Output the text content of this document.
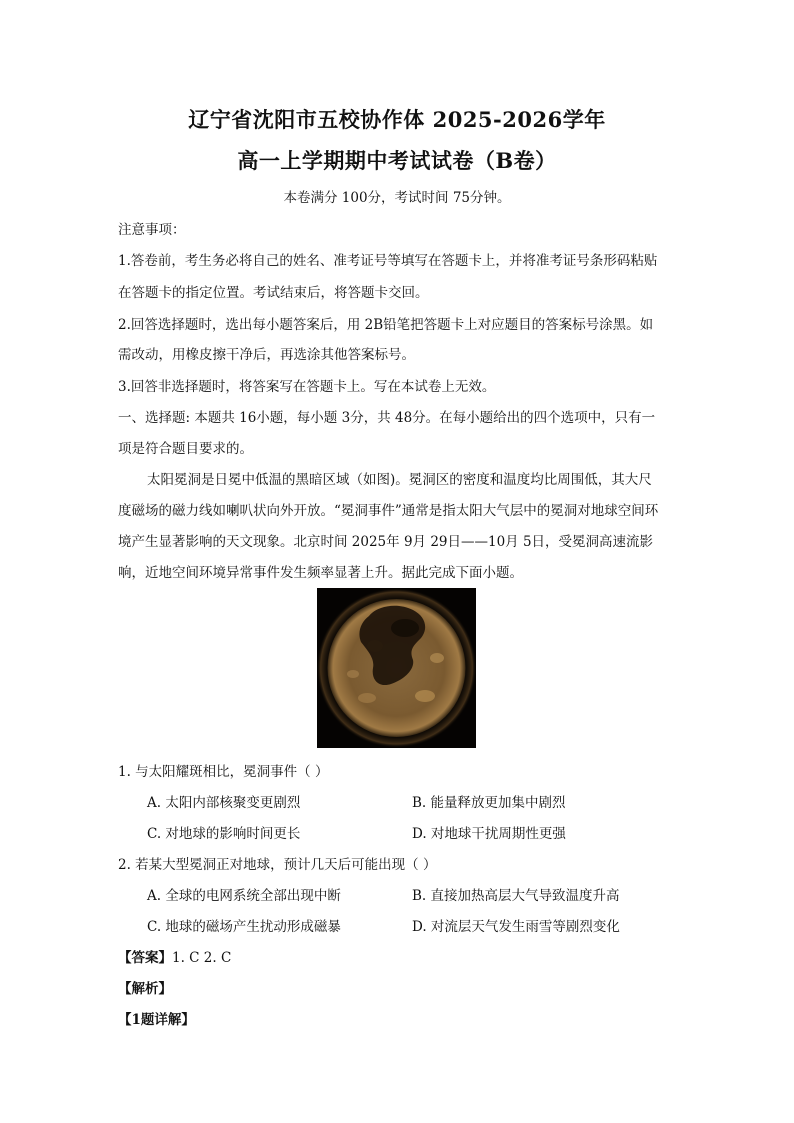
辽宁省沈阳市五校协作体 2025-2026学年
高一上学期期中考试试卷（B卷）
本卷满分 100分，考试时间 75分钟。
注意事项：
1.答卷前，考生务必将自己的姓名、准考证号等填写在答题卡上，并将准考证号条形码粘贴
在答题卡的指定位置。考试结束后，将答题卡交回。
2.回答选择题时，选出每小题答案后，用 2B铅笔把答题卡上对应题目的答案标号涂黑。如
需改动，用橡皮擦干净后，再选涂其他答案标号。
3.回答非选择题时，将答案写在答题卡上。写在本试卷上无效。
一、选择题: 本题共 16小题，每小题 3分，共 48分。在每小题给出的四个选项中，只有一
项是符合题目要求的。
太阳冕洞是日冕中低温的黑暗区域（如图)。冕洞区的密度和温度均比周围低，其大尺
度磁场的磁力线如喇叭状向外开放。“冕洞事件”通常是指太阳大气层中的冕洞对地球空间环
境产生显著影响的天文现象。北京时间 2025年 9月 29日——10月 5日，受冕洞高速流影
响，近地空间环境异常事件发生频率显著上升。据此完成下面小题。
1. 与太阳耀斑相比，冕洞事件（ ）
A. 太阳内部核聚变更剧烈	B. 能量释放更加集中剧烈
C. 对地球的影响时间更长	D. 对地球干扰周期性更强
2. 若某大型冕洞正对地球，预计几天后可能出现（ ）
A. 全球的电网系统全部出现中断	B. 直接加热高层大气导致温度升高
C. 地球的磁场产生扰动形成磁暴	D. 对流层天气发生雨雪等剧烈变化
【答案】1. C 2. C
【解析】
【1题详解】
